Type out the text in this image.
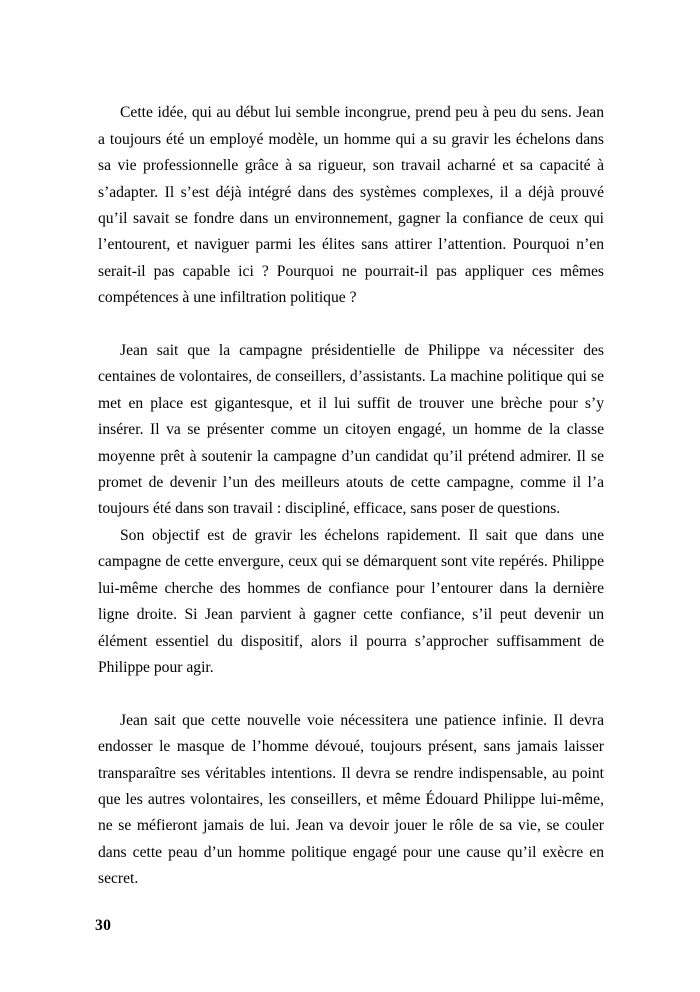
Cette idée, qui au début lui semble incongrue, prend peu à peu du sens. Jean a toujours été un employé modèle, un homme qui a su gravir les échelons dans sa vie professionnelle grâce à sa rigueur, son travail acharné et sa capacité à s’adapter. Il s’est déjà intégré dans des systèmes complexes, il a déjà prouvé qu’il savait se fondre dans un environnement, gagner la confiance de ceux qui l’entourent, et naviguer parmi les élites sans attirer l’attention. Pourquoi n’en serait-il pas capable ici ? Pourquoi ne pourrait-il pas appliquer ces mêmes compétences à une infiltration politique ?

Jean sait que la campagne présidentielle de Philippe va nécessiter des centaines de volontaires, de conseillers, d’assistants. La machine politique qui se met en place est gigantesque, et il lui suffit de trouver une brèche pour s’y insérer. Il va se présenter comme un citoyen engagé, un homme de la classe moyenne prêt à soutenir la campagne d’un candidat qu’il prétend admirer. Il se promet de devenir l’un des meilleurs atouts de cette campagne, comme il l’a toujours été dans son travail : discipliné, efficace, sans poser de questions.

Son objectif est de gravir les échelons rapidement. Il sait que dans une campagne de cette envergure, ceux qui se démarquent sont vite repérés. Philippe lui-même cherche des hommes de confiance pour l’entourer dans la dernière ligne droite. Si Jean parvient à gagner cette confiance, s’il peut devenir un élément essentiel du dispositif, alors il pourra s’approcher suffisamment de Philippe pour agir.

Jean sait que cette nouvelle voie nécessitera une patience infinie. Il devra endosser le masque de l’homme dévoué, toujours présent, sans jamais laisser transparaître ses véritables intentions. Il devra se rendre indispensable, au point que les autres volontaires, les conseillers, et même Édouard Philippe lui-même, ne se méfieront jamais de lui. Jean va devoir jouer le rôle de sa vie, se couler dans cette peau d’un homme politique engagé pour une cause qu’il exècre en secret.

30
